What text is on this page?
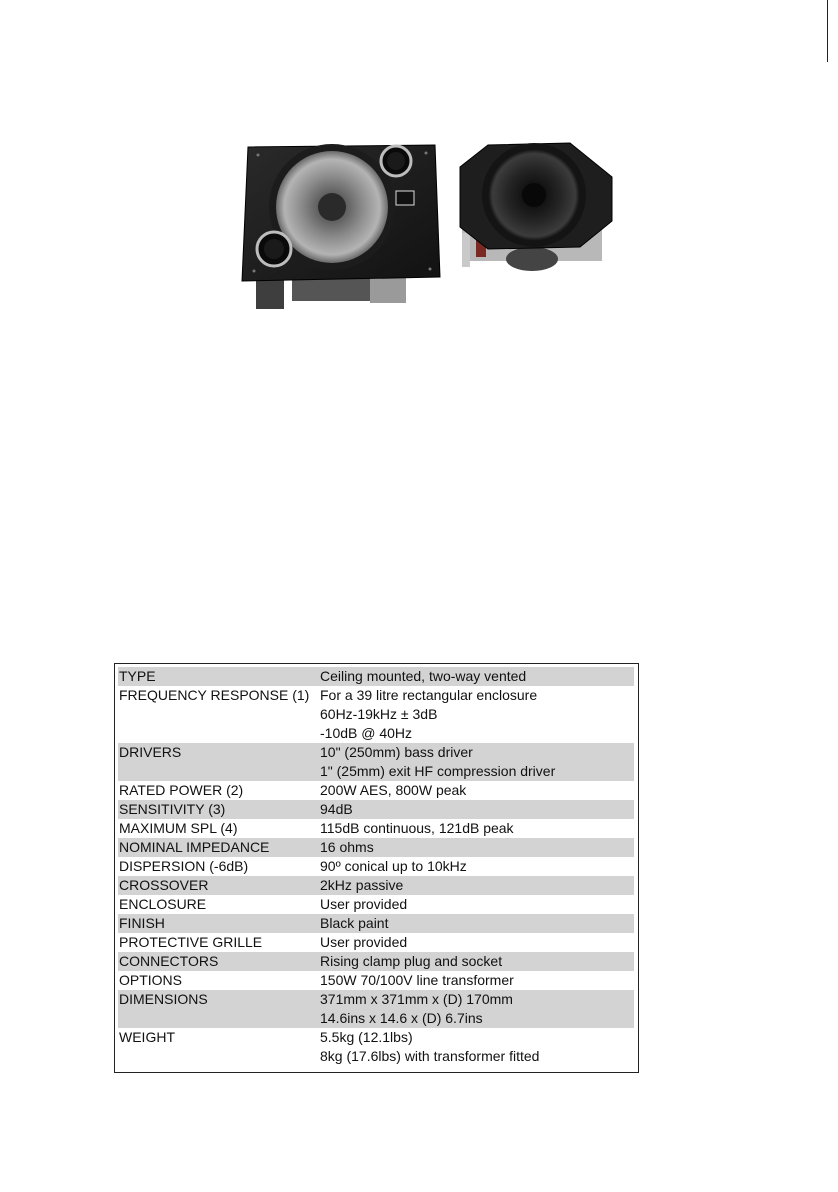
TYPE	Ceiling mounted, two-way vented
FREQUENCY RESPONSE (1) For a 39 litre rectangular enclosure
60Hz-19kHz ± 3dB
-10dB @ 40Hz
DRIVERS	10" (250mm) bass driver
1" (25mm) exit HF compression driver
RATED POWER (2)	200W AES, 800W peak
SENSITIVITY (3)	94dB
MAXIMUM SPL (4)	115dB continuous, 121dB peak
NOMINAL IMPEDANCE	16 ohms
DISPERSION (-6dB)	90º conical up to 10kHz
CROSSOVER	2kHz passive
ENCLOSURE	User provided
FINISH	Black paint
PROTECTIVE GRILLE	User provided
CONNECTORS	Rising clamp plug and socket
OPTIONS	150W 70/100V line transformer
DIMENSIONS	371mm x 371mm x (D) 170mm
14.6ins x 14.6 x (D) 6.7ins
WEIGHT	5.5kg (12.1lbs)
8kg (17.6lbs) with transformer fitted
